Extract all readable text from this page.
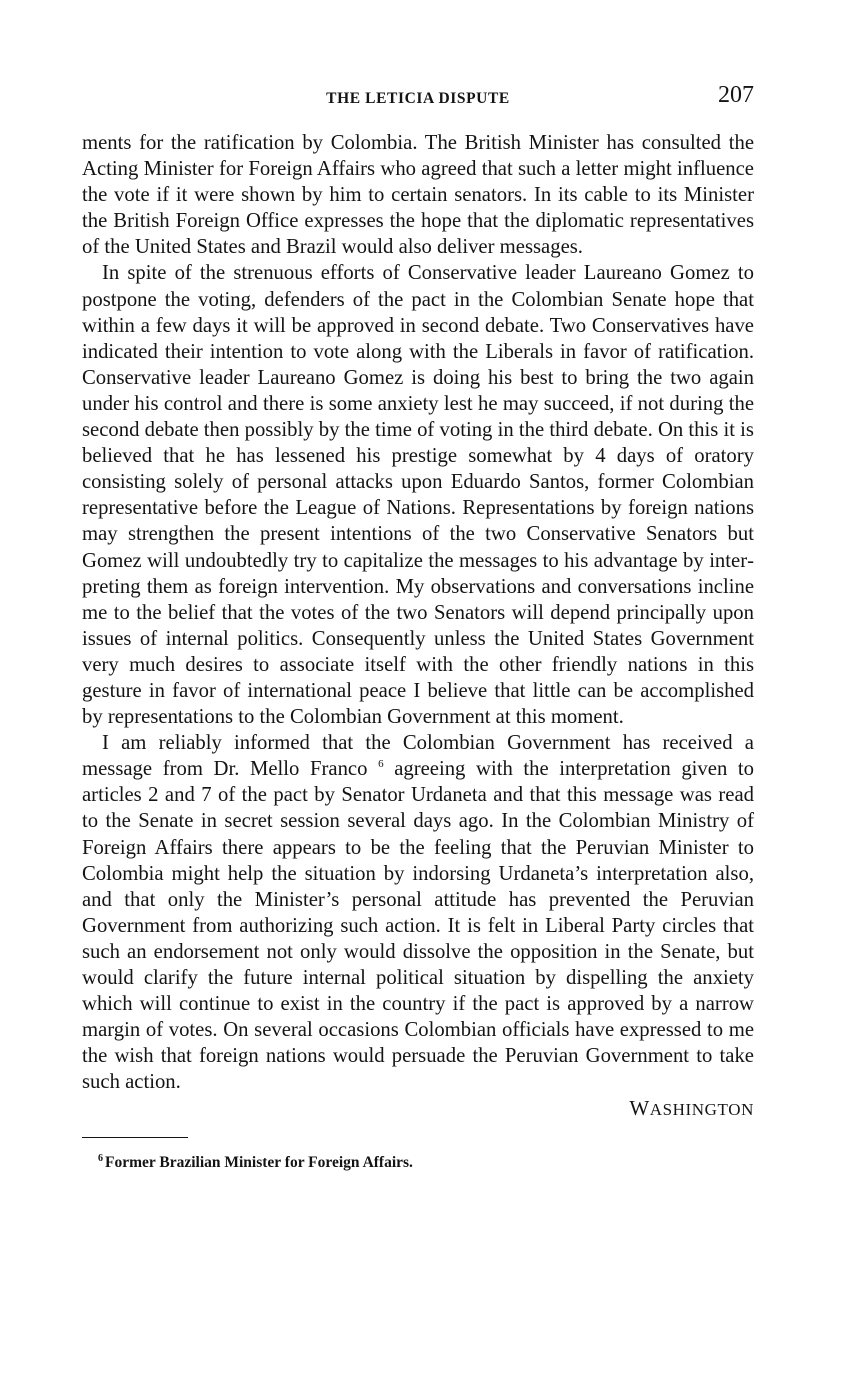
THE LETICIA DISPUTE	207

ments for the ratification by Colombia. The British Minister has consulted the Acting Minister for Foreign Affairs who agreed that such a letter might influence the vote if it were shown by him to certain senators. In its cable to its Minister the British Foreign Office expresses the hope that the diplomatic representatives of the United States and Brazil would also deliver messages.

In spite of the strenuous efforts of Conservative leader Laureano Gomez to postpone the voting, defenders of the pact in the Colombian Senate hope that within a few days it will be approved in second debate. Two Conservatives have indicated their intention to vote along with the Liberals in favor of ratification. Conservative leader Laureano Gomez is doing his best to bring the two again under his control and there is some anxiety lest he may succeed, if not during the second debate then possibly by the time of voting in the third debate. On this it is believed that he has lessened his prestige somewhat by 4 days of oratory consisting solely of personal attacks upon Eduardo Santos, former Colombian representative before the League of Nations. Representations by foreign nations may strengthen the present intentions of the two Conservative Senators but Gomez will undoubtedly try to capitalize the messages to his advantage by interpreting them as foreign intervention. My observations and conversations incline me to the belief that the votes of the two Senators will depend principally upon issues of internal politics. Consequently unless the United States Government very much desires to associate itself with the other friendly nations in this gesture in favor of international peace I believe that little can be accomplished by representations to the Colombian Government at this moment.

I am reliably informed that the Colombian Government has received a message from Dr. Mello Franco $^6$ agreeing with the interpretation given to articles 2 and 7 of the pact by Senator Urdaneta and that this message was read to the Senate in secret session several days ago. In the Colombian Ministry of Foreign Affairs there appears to be the feeling that the Peruvian Minister to Colombia might help the situation by indorsing Urdaneta’s interpretation also, and that only the Minister’s personal attitude has prevented the Peruvian Government from authorizing such action. It is felt in Liberal Party circles that such an endorsement not only would dissolve the opposition in the Senate, but would clarify the future internal political situation by dispelling the anxiety which will continue to exist in the country if the pact is approved by a narrow margin of votes. On several occasions Colombian officials have expressed to me the wish that foreign nations would persuade the Peruvian Government to take such action.

WASHINGTON
$^6$ Former Brazilian Minister for Foreign Affairs.
